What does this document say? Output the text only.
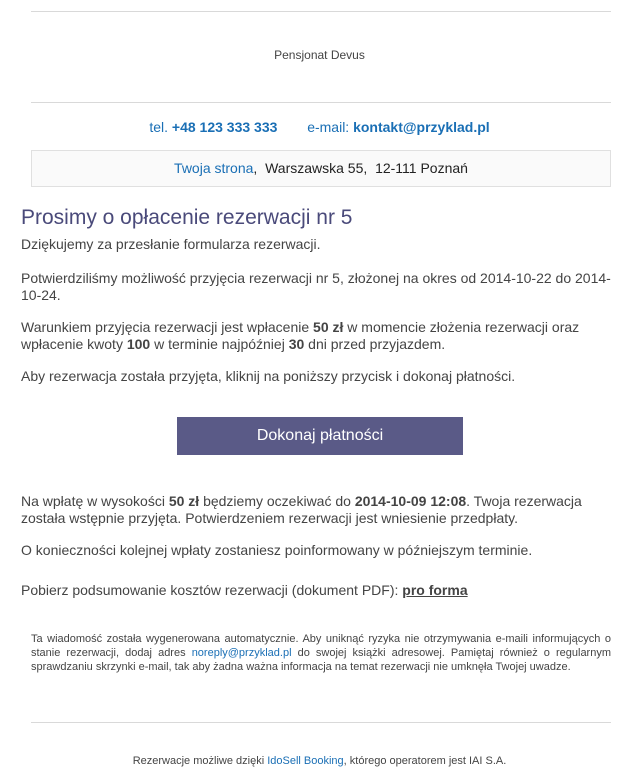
Pensjonat Devus
tel. +48 123 333 333 e-mail: kontakt@przyklad.pl
Twoja strona,  Warszawska 55, 12-111 Poznań
Prosimy o opłacenie rezerwacji nr 5
Dziękujemy za przesłanie formularza rezerwacji.
Potwierdziliśmy możliwość przyjęcia rezerwacji nr 5, złożonej na okres od 2014-10-22 do 2014-10-24.
Warunkiem przyjęcia rezerwacji jest wpłacenie 50 zł w momencie złożenia rezerwacji oraz wpłacenie kwoty 100 w terminie najpóźniej 30 dni przed przyjazdem.
Aby rezerwacja została przyjęta, kliknij na poniższy przycisk i dokonaj płatności.
Dokonaj płatności
Na wpłatę w wysokości 50 zł będziemy oczekiwać do 2014-10-09 12:08. Twoja rezerwacja została wstępnie przyjęta. Potwierdzeniem rezerwacji jest wniesienie przedpłaty.
O konieczności kolejnej wpłaty zostaniesz poinformowany w późniejszym terminie.
Pobierz podsumowanie kosztów rezerwacji (dokument PDF): pro forma
Ta wiadomość została wygenerowana automatycznie. Aby uniknąć ryzyka nie otrzymywania e-maili informujących o stanie rezerwacji, dodaj adres noreply@przyklad.pl do swojej książki adresowej. Pamiętaj również o regularnym sprawdzaniu skrzynki e-mail, tak aby żadna ważna informacja na temat rezerwacji nie umknęła Twojej uwadze.
Rezerwacje możliwe dzięki IdoSell Booking, którego operatorem jest IAI S.A.
